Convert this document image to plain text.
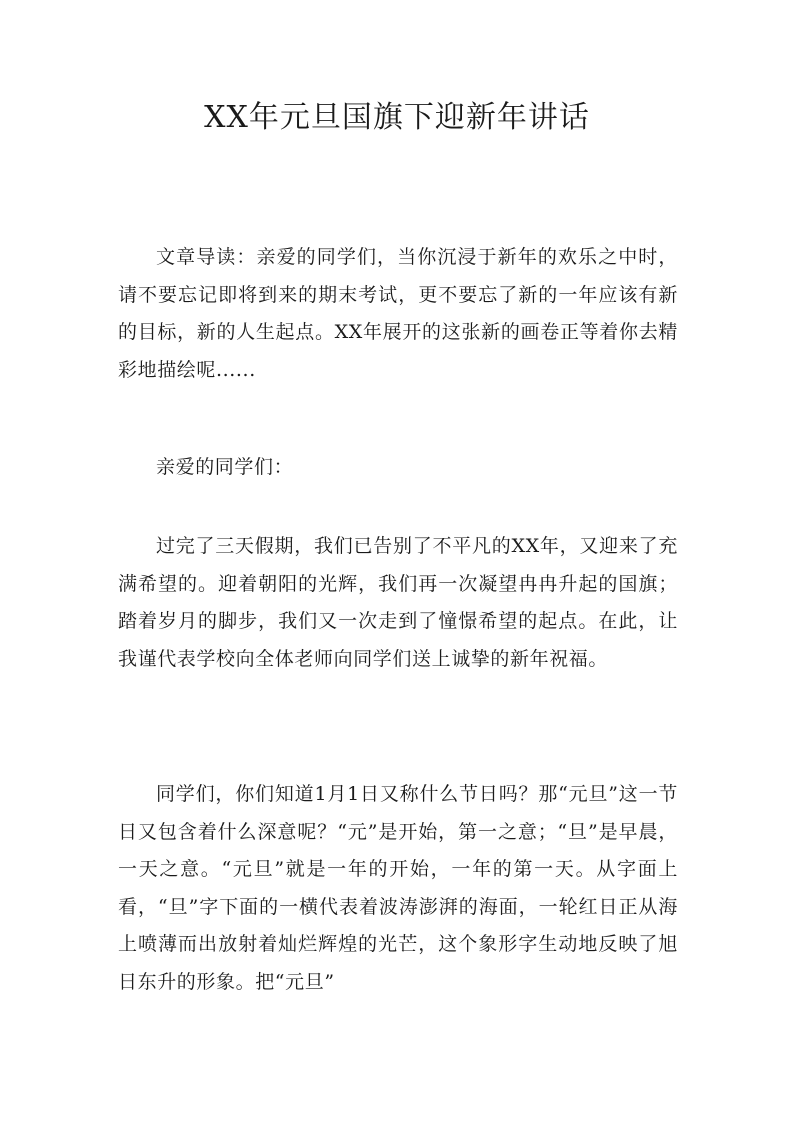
XX年元旦国旗下迎新年讲话

文章导读：亲爱的同学们，当你沉浸于新年的欢乐之中时，请不要忘记即将到来的期末考试，更不要忘了新的一年应该有新的目标，新的人生起点。XX年展开的这张新的画卷正等着你去精彩地描绘呢......

亲爱的同学们：

过完了三天假期，我们已告别了不平凡的XX年，又迎来了充满希望的。迎着朝阳的光辉，我们再一次凝望冉冉升起的国旗；踏着岁月的脚步，我们又一次走到了憧憬希望的起点。在此，让我谨代表学校向全体老师向同学们送上诚挚的新年祝福。

同学们，你们知道1月1日又称什么节日吗？那“元旦”这一节日又包含着什么深意呢？“元”是开始，第一之意；“旦”是早晨，一天之意。“元旦”就是一年的开始，一年的第一天。从字面上看，“旦”字下面的一横代表着波涛澎湃的海面，一轮红日正从海上喷薄而出放射着灿烂辉煌的光芒，这个象形字生动地反映了旭日东升的形象。把“元旦”
